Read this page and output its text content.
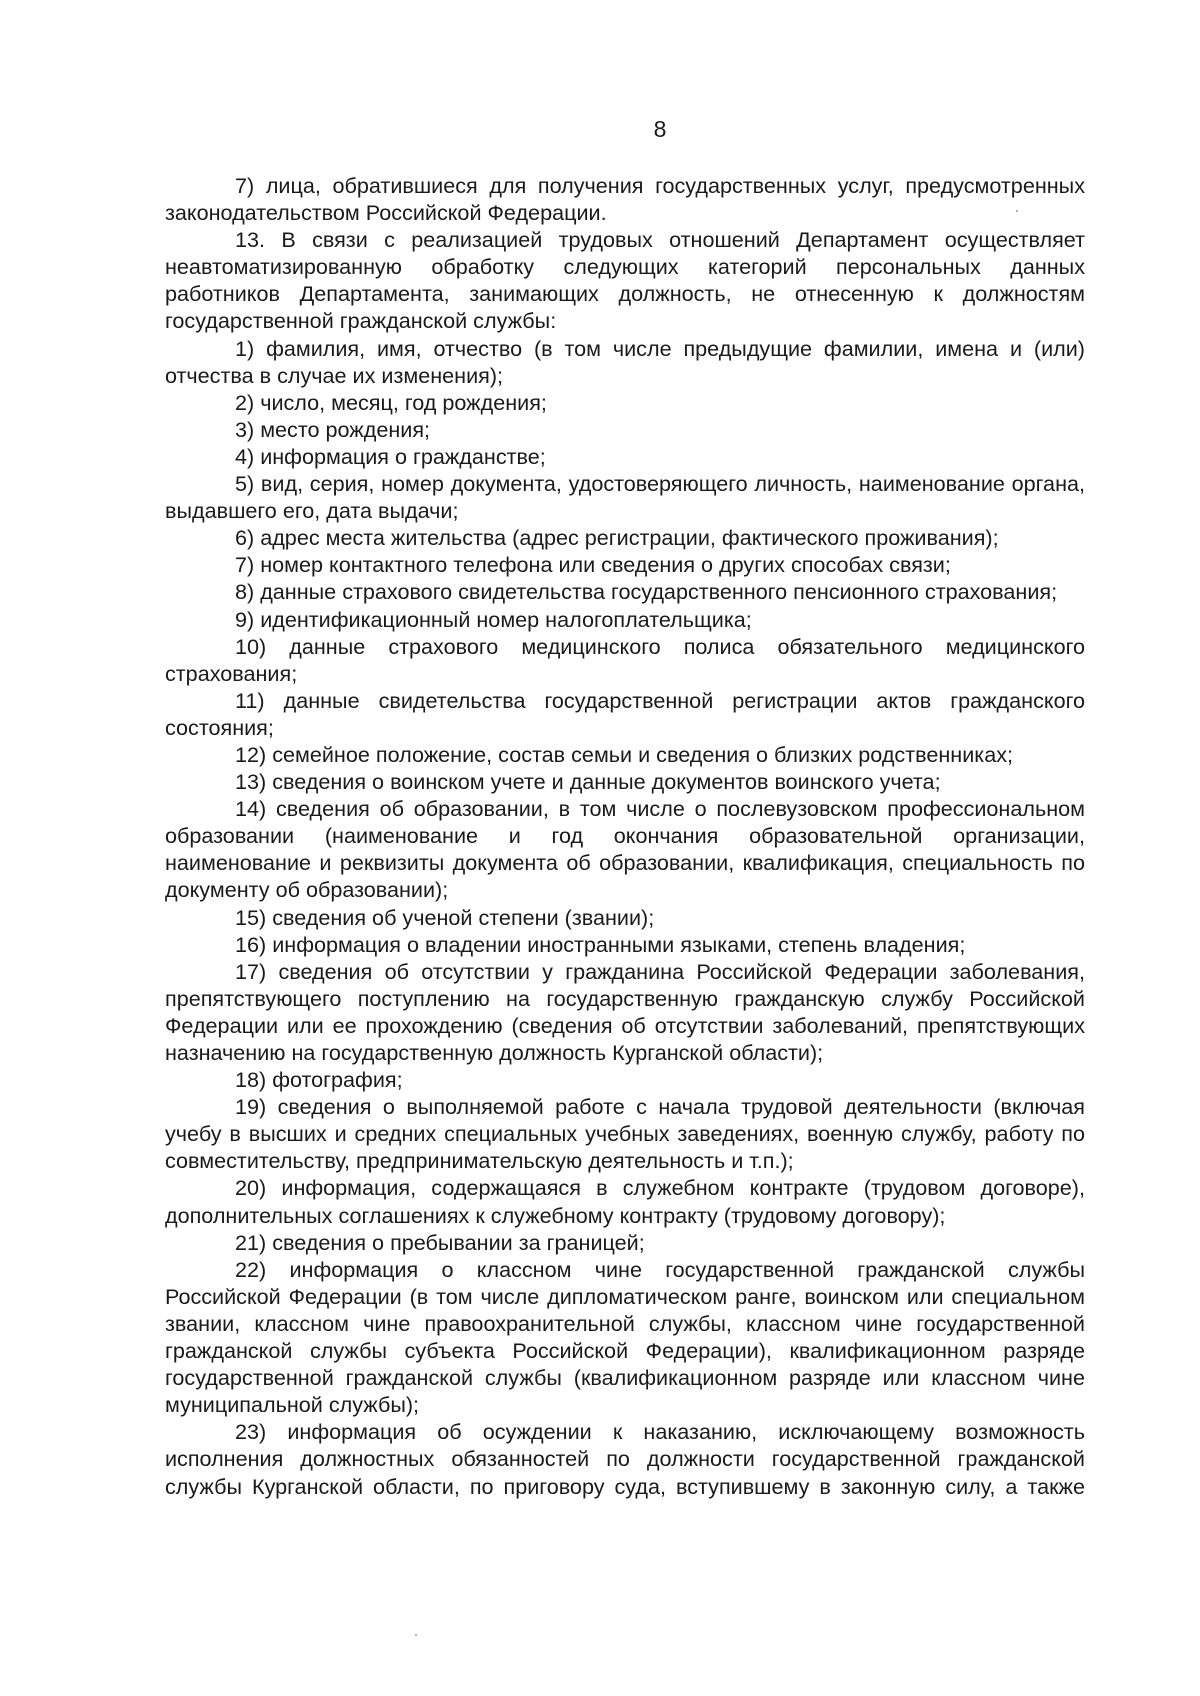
8

7) лица, обратившиеся для получения государственных услуг, предусмотренных законодательством Российской Федерации.

13. В связи с реализацией трудовых отношений Департамент осуществляет неавтоматизированную обработку следующих категорий персональных данных работников Департамента, занимающих должность, не отнесенную к должностям государственной гражданской службы:

1) фамилия, имя, отчество (в том числе предыдущие фамилии, имена и (или) отчества в случае их изменения);

2) число, месяц, год рождения;

3) место рождения;

4) информация о гражданстве;

5) вид, серия, номер документа, удостоверяющего личность, наименование органа, выдавшего его, дата выдачи;

6) адрес места жительства (адрес регистрации, фактического проживания);

7) номер контактного телефона или сведения о других способах связи;

8) данные страхового свидетельства государственного пенсионного страхования;

9) идентификационный номер налогоплательщика;

10) данные страхового медицинского полиса обязательного медицинского страхования;

11) данные свидетельства государственной регистрации актов гражданского состояния;

12) семейное положение, состав семьи и сведения о близких родственниках;

13) сведения о воинском учете и данные документов воинского учета;

14) сведения об образовании, в том числе о послевузовском профессиональном образовании (наименование и год окончания образовательной организации, наименование и реквизиты документа об образовании, квалификация, специальность по документу об образовании);

15) сведения об ученой степени (звании);

16) информация о владении иностранными языками, степень владения;

17) сведения об отсутствии у гражданина Российской Федерации заболевания, препятствующего поступлению на государственную гражданскую службу Российской Федерации или ее прохождению (сведения об отсутствии заболеваний, препятствующих назначению на государственную должность Курганской области);

18) фотография;

19) сведения о выполняемой работе с начала трудовой деятельности (включая учебу в высших и средних специальных учебных заведениях, военную службу, работу по совместительству, предпринимательскую деятельность и т.п.);

20) информация, содержащаяся в служебном контракте (трудовом договоре), дополнительных соглашениях к служебному контракту (трудовому договору);

21) сведения о пребывании за границей;

22) информация о классном чине государственной гражданской службы Российской Федерации (в том числе дипломатическом ранге, воинском или специальном звании, классном чине правоохранительной службы, классном чине государственной гражданской службы субъекта Российской Федерации), квалификационном разряде государственной гражданской службы (квалификационном разряде или классном чине муниципальной службы);

23) информация об осуждении к наказанию, исключающему возможность исполнения должностных обязанностей по должности государственной гражданской службы Курганской области, по приговору суда, вступившему в законную силу, а также
